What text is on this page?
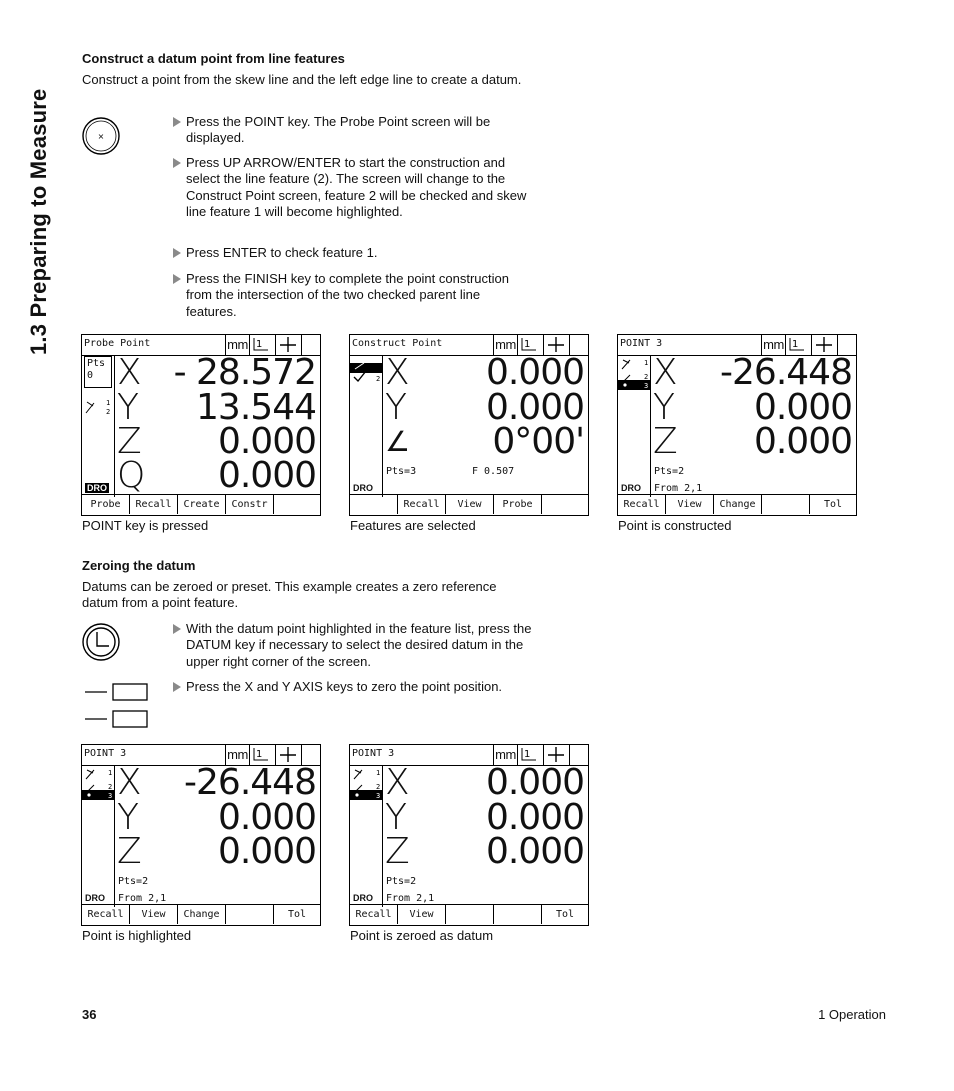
1.3 Preparing to Measure
Construct a datum point from line features
Construct a point from the skew line and the left edge line to create a datum.
×
Press the POINT key. The Probe Point screen will be displayed.
Press UP ARROW/ENTER to start the construction and select the line feature (2). The screen will change to the Construct Point screen, feature 2 will be checked and skew line feature 1 will become highlighted.
Press ENTER to check feature 1.
Press the FINISH key to complete the point construction from the intersection of the two checked parent line features.
Probe Point	mm 1
Pts
0
1
2
X - 28.572
Y 13.544
Z 0.000
Q 0.000
DRO
Probe	Recall	Create	Constr
POINT key is pressed
Construct Point	mm 1
2 X 0.000
Y 0.000
∠ 0°00'
Pts=3	F 0.507
DRO
Recall	View	Probe
Features are selected
POINT 3	mm 1
1
2
3 X -26.448
Y 0.000
Z 0.000
Pts=2
From 2,1
DRO
Recall	View	Change	Tol
Point is constructed
Zeroing the datum
Datums can be zeroed or preset. This example creates a zero reference datum from a point feature.
With the datum point highlighted in the feature list, press the DATUM key if necessary to select the desired datum in the upper right corner of the screen.
Press the X and Y AXIS keys to zero the point position.
POINT 3	mm 1
1
2
3 X -26.448
Y 0.000
Z 0.000
Pts=2
From 2,1
DRO
Recall	View	Change	Tol
Point is highlighted
POINT 3	mm 1
1
2
3 X 0.000
Y 0.000
Z 0.000
Pts=2
From 2,1
DRO
Recall	View	Tol
Point is zeroed as datum
36	1 Operation
